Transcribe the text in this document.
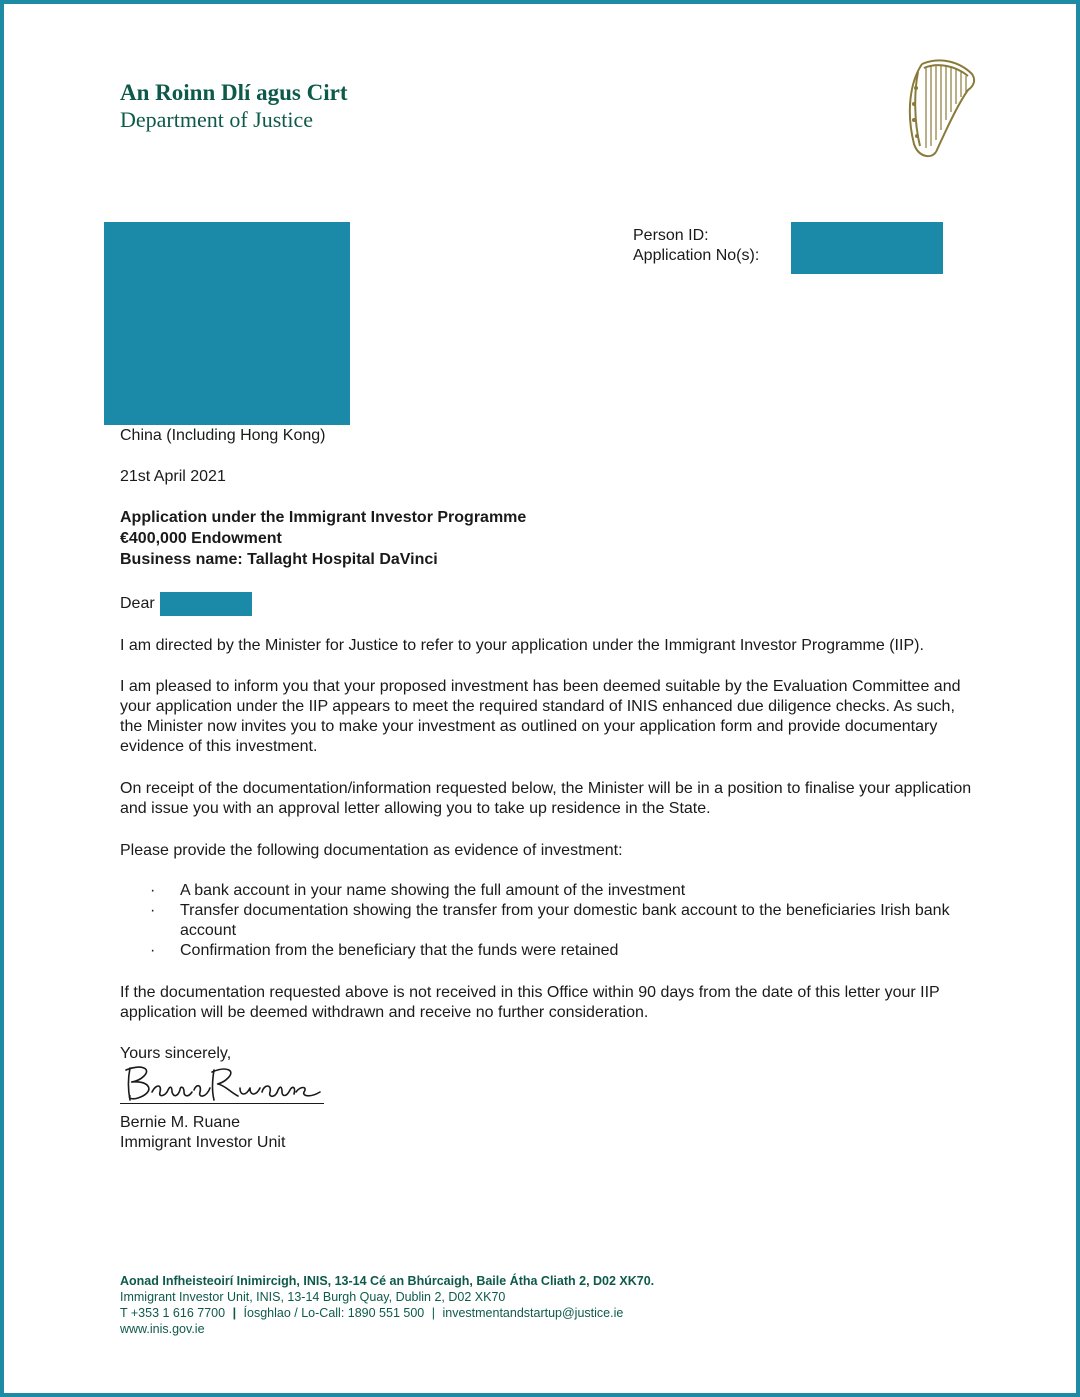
An Roinn Dlí agus Cirt
Department of Justice
Person ID:
Application No(s):

China (Including Hong Kong)

21st April 2021

Application under the Immigrant Investor Programme
€400,000 Endowment
Business name: Tallaght Hospital DaVinci

Dear

I am directed by the Minister for Justice to refer to your application under the Immigrant Investor Programme (IIP).

I am pleased to inform you that your proposed investment has been deemed suitable by the Evaluation Committee and your application under the IIP appears to meet the required standard of INIS enhanced due diligence checks. As such, the Minister now invites you to make your investment as outlined on your application form and provide documentary evidence of this investment.

On receipt of the documentation/information requested below, the Minister will be in a position to finalise your application and issue you with an approval letter allowing you to take up residence in the State.

Please provide the following documentation as evidence of investment:

·	A bank account in your name showing the full amount of the investment
·	Transfer documentation showing the transfer from your domestic bank account to the beneficiaries Irish bank account
·	Confirmation from the beneficiary that the funds were retained

If the documentation requested above is not received in this Office within 90 days from the date of this letter your IIP application will be deemed withdrawn and receive no further consideration.

Yours sincerely,

Bernie M. Ruane

Immigrant Investor Unit

Aonad Infheisteoirí Inimircigh, INIS, 13-14 Cé an Bhúrcaigh, Baile Átha Cliath 2, D02 XK70.
Immigrant Investor Unit, INIS, 13-14 Burgh Quay, Dublin 2, D02 XK70
T +353 1 616 7700 | Íosghlao / Lo-Call: 1890 551 500 | investmentandstartup@justice.ie
www.inis.gov.ie
